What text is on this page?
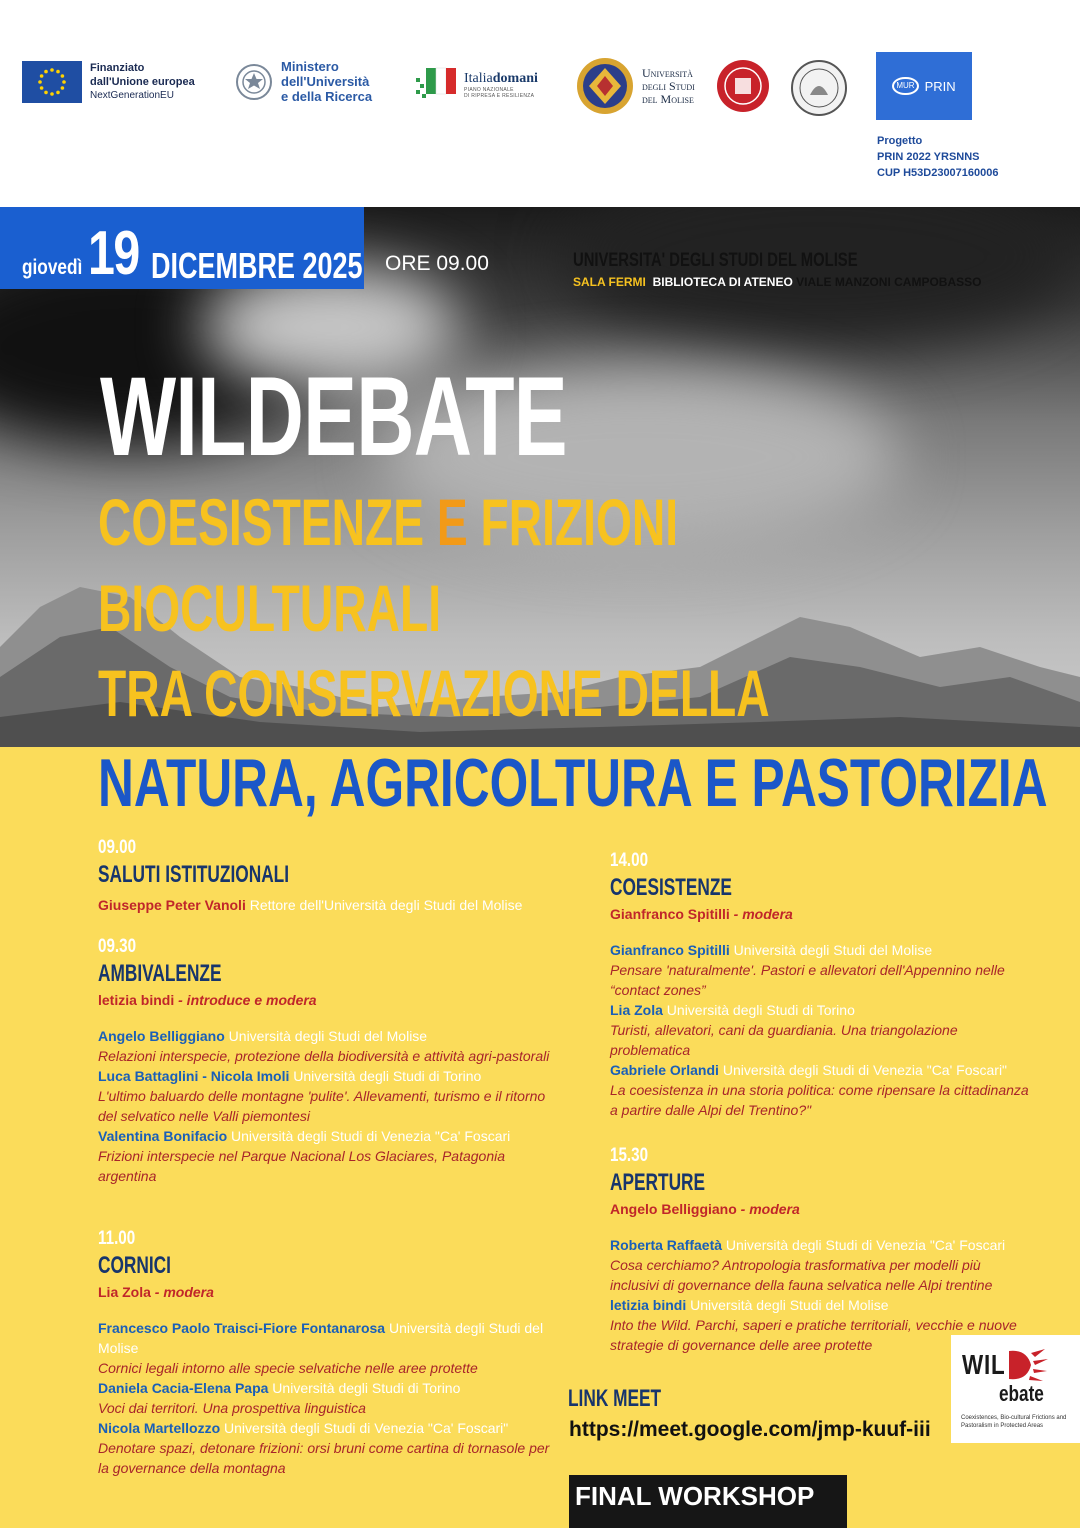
Finanziato
dall'Unione europea
NextGenerationEU
Ministero
dell'Università
e della Ricerca
Italiadomani
PIANO NAZIONALE
DI RIPRESA E RESILIENZA
Università
degli Studi
del Molise
MUR PRIN
Progetto
PRIN 2022 YRSNNS
CUP H53D23007160006
giovedì 19 DICEMBRE 2025 ORE 09.00	UNIVERSITA' DEGLI STUDI DEL MOLISE
SALA FERMI BIBLIOTECA DI ATENEO VIALE MANZONI CAMPOBASSO
WILDEBATE
COESISTENZE E FRIZIONI
BIOCULTURALI
TRA CONSERVAZIONE DELLA
NATURA, AGRICOLTURA E PASTORIZIA
09.00
SALUTI ISTITUZIONALI
Giuseppe Peter Vanoli Rettore dell'Università degli Studi del Molise
09.30
AMBIVALENZE
letizia bindi - introduce e modera
Angelo Belliggiano Università degli Studi del Molise
Relazioni interspecie, protezione della biodiversità e attività agri-pastorali
Luca Battaglini - Nicola Imoli Università degli Studi di Torino
L'ultimo baluardo delle montagne 'pulite'. Allevamenti, turismo e il ritorno del selvatico nelle Valli piemontesi
Valentina Bonifacio Università degli Studi di Venezia "Ca' Foscari
Frizioni interspecie nel Parque Nacional Los Glaciares, Patagonia argentina
11.00
CORNICI
Lia Zola - modera
Francesco Paolo Traisci-Fiore Fontanarosa Università degli Studi del Molise
Cornici legali intorno alle specie selvatiche nelle aree protette
Daniela Cacia-Elena Papa Università degli Studi di Torino
Voci dai territori. Una prospettiva linguistica
Nicola Martellozzo Università degli Studi di Venezia "Ca' Foscari"
Denotare spazi, detonare frizioni: orsi bruni come cartina di tornasole per la governance della montagna
14.00
COESISTENZE
Gianfranco Spitilli - modera
Gianfranco Spitilli Università degli Studi del Molise
Pensare 'naturalmente'. Pastori e allevatori dell'Appennino nelle “contact zones”
Lia Zola Università degli Studi di Torino
Turisti, allevatori, cani da guardiania. Una triangolazione problematica
Gabriele Orlandi Università degli Studi di Venezia "Ca' Foscari"
La coesistenza in una storia politica: come ripensare la cittadinanza a partire dalle Alpi del Trentino?"
15.30
APERTURE
Angelo Belliggiano - modera
Roberta Raffaetà Università degli Studi di Venezia "Ca' Foscari
Cosa cerchiamo? Antropologia trasformativa per modelli più inclusivi di governance della fauna selvatica nelle Alpi trentine
letizia bindi Università degli Studi del Molise
Into the Wild. Parchi, saperi e pratiche territoriali, vecchie e nuove strategie di governance delle aree protette
WIL
ebate
Coexistences, Bio-cultural Frictions and Pastoralism in Protected Areas
LINK MEET
https://meet.google.com/jmp-kuuf-iii
FINAL WORKSHOP
